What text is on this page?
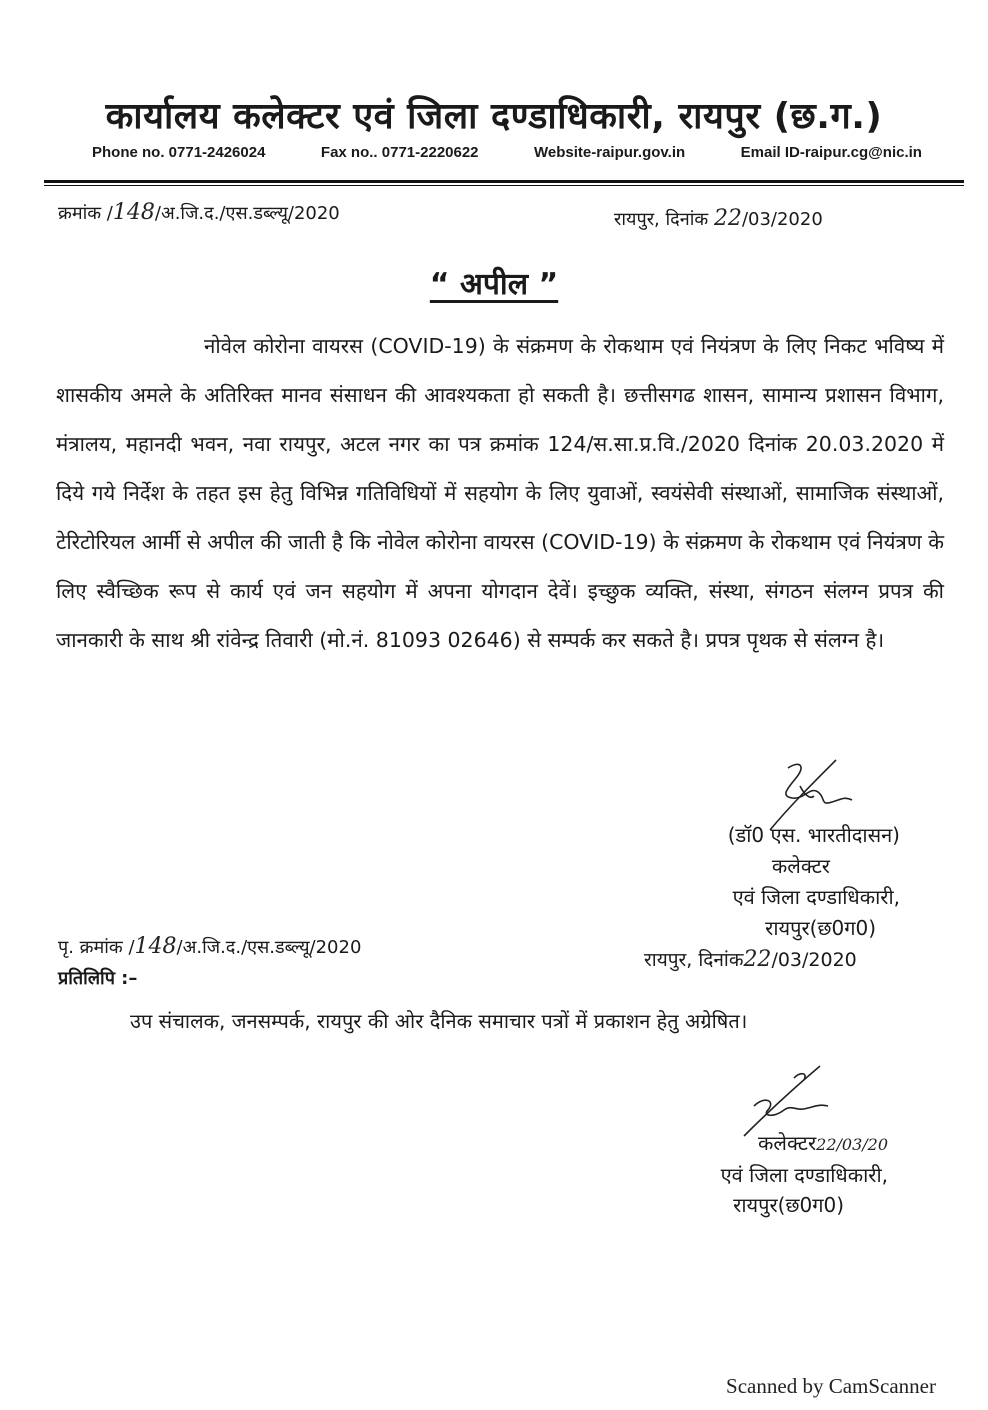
कार्यालय कलेक्टर एवं जिला दण्डाधिकारी, रायपुर (छ.ग.)
Phone no. 0771-2426024	Fax no.. 0771-2220622	Website-raipur.gov.in	Email ID-raipur.cg@nic.in
क्रमांक /148/अ.जि.द./एस.डब्ल्यू/2020	रायपुर, दिनांक 22/03/2020
“ अपील ”
नोवेल कोरोना वायरस (COVID-19) के संक्रमण के रोकथाम एवं नियंत्रण के लिए निकट भविष्य में शासकीय अमले के अतिरिक्त मानव संसाधन की आवश्यकता हो सकती है। छत्तीसगढ शासन, सामान्य प्रशासन विभाग, मंत्रालय, महानदी भवन, नवा रायपुर, अटल नगर का पत्र क्रमांक 124/स.सा.प्र.वि./2020 दिनांक 20.03.2020 में दिये गये निर्देश के तहत इस हेतु विभिन्न गतिविधियों में सहयोग के लिए युवाओं, स्वयंसेवी संस्थाओं, सामाजिक संस्थाओं, टेरिटोरियल आर्मी से अपील की जाती है कि नोवेल कोरोना वायरस (COVID-19) के संक्रमण के रोकथाम एवं नियंत्रण के लिए स्वैच्छिक रूप से कार्य एवं जन सहयोग में अपना योगदान देवें। इच्छुक व्यक्ति, संस्था, संगठन संलग्न प्रपत्र की जानकारी के साथ श्री रांवेन्द्र तिवारी (मो.नं. 81093 02646) से सम्पर्क कर सकते है। प्रपत्र पृथक से संलग्न है।
(डॉ0 एस. भारतीदासन)
कलेक्टर
एवं जिला दण्डाधिकारी,
रायपुर(छ0ग0)
पृ. क्रमांक /148/अ.जि.द./एस.डब्ल्यू/2020
रायपुर, दिनांक22/03/2020
प्रतिलिपि :–
उप संचालक, जनसम्पर्क, रायपुर की ओर दैनिक समाचार पत्रों में प्रकाशन हेतु अग्रेषित।
कलेक्टर22/03/20
एवं जिला दण्डाधिकारी,
रायपुर(छ0ग0)
Scanned by CamScanner
